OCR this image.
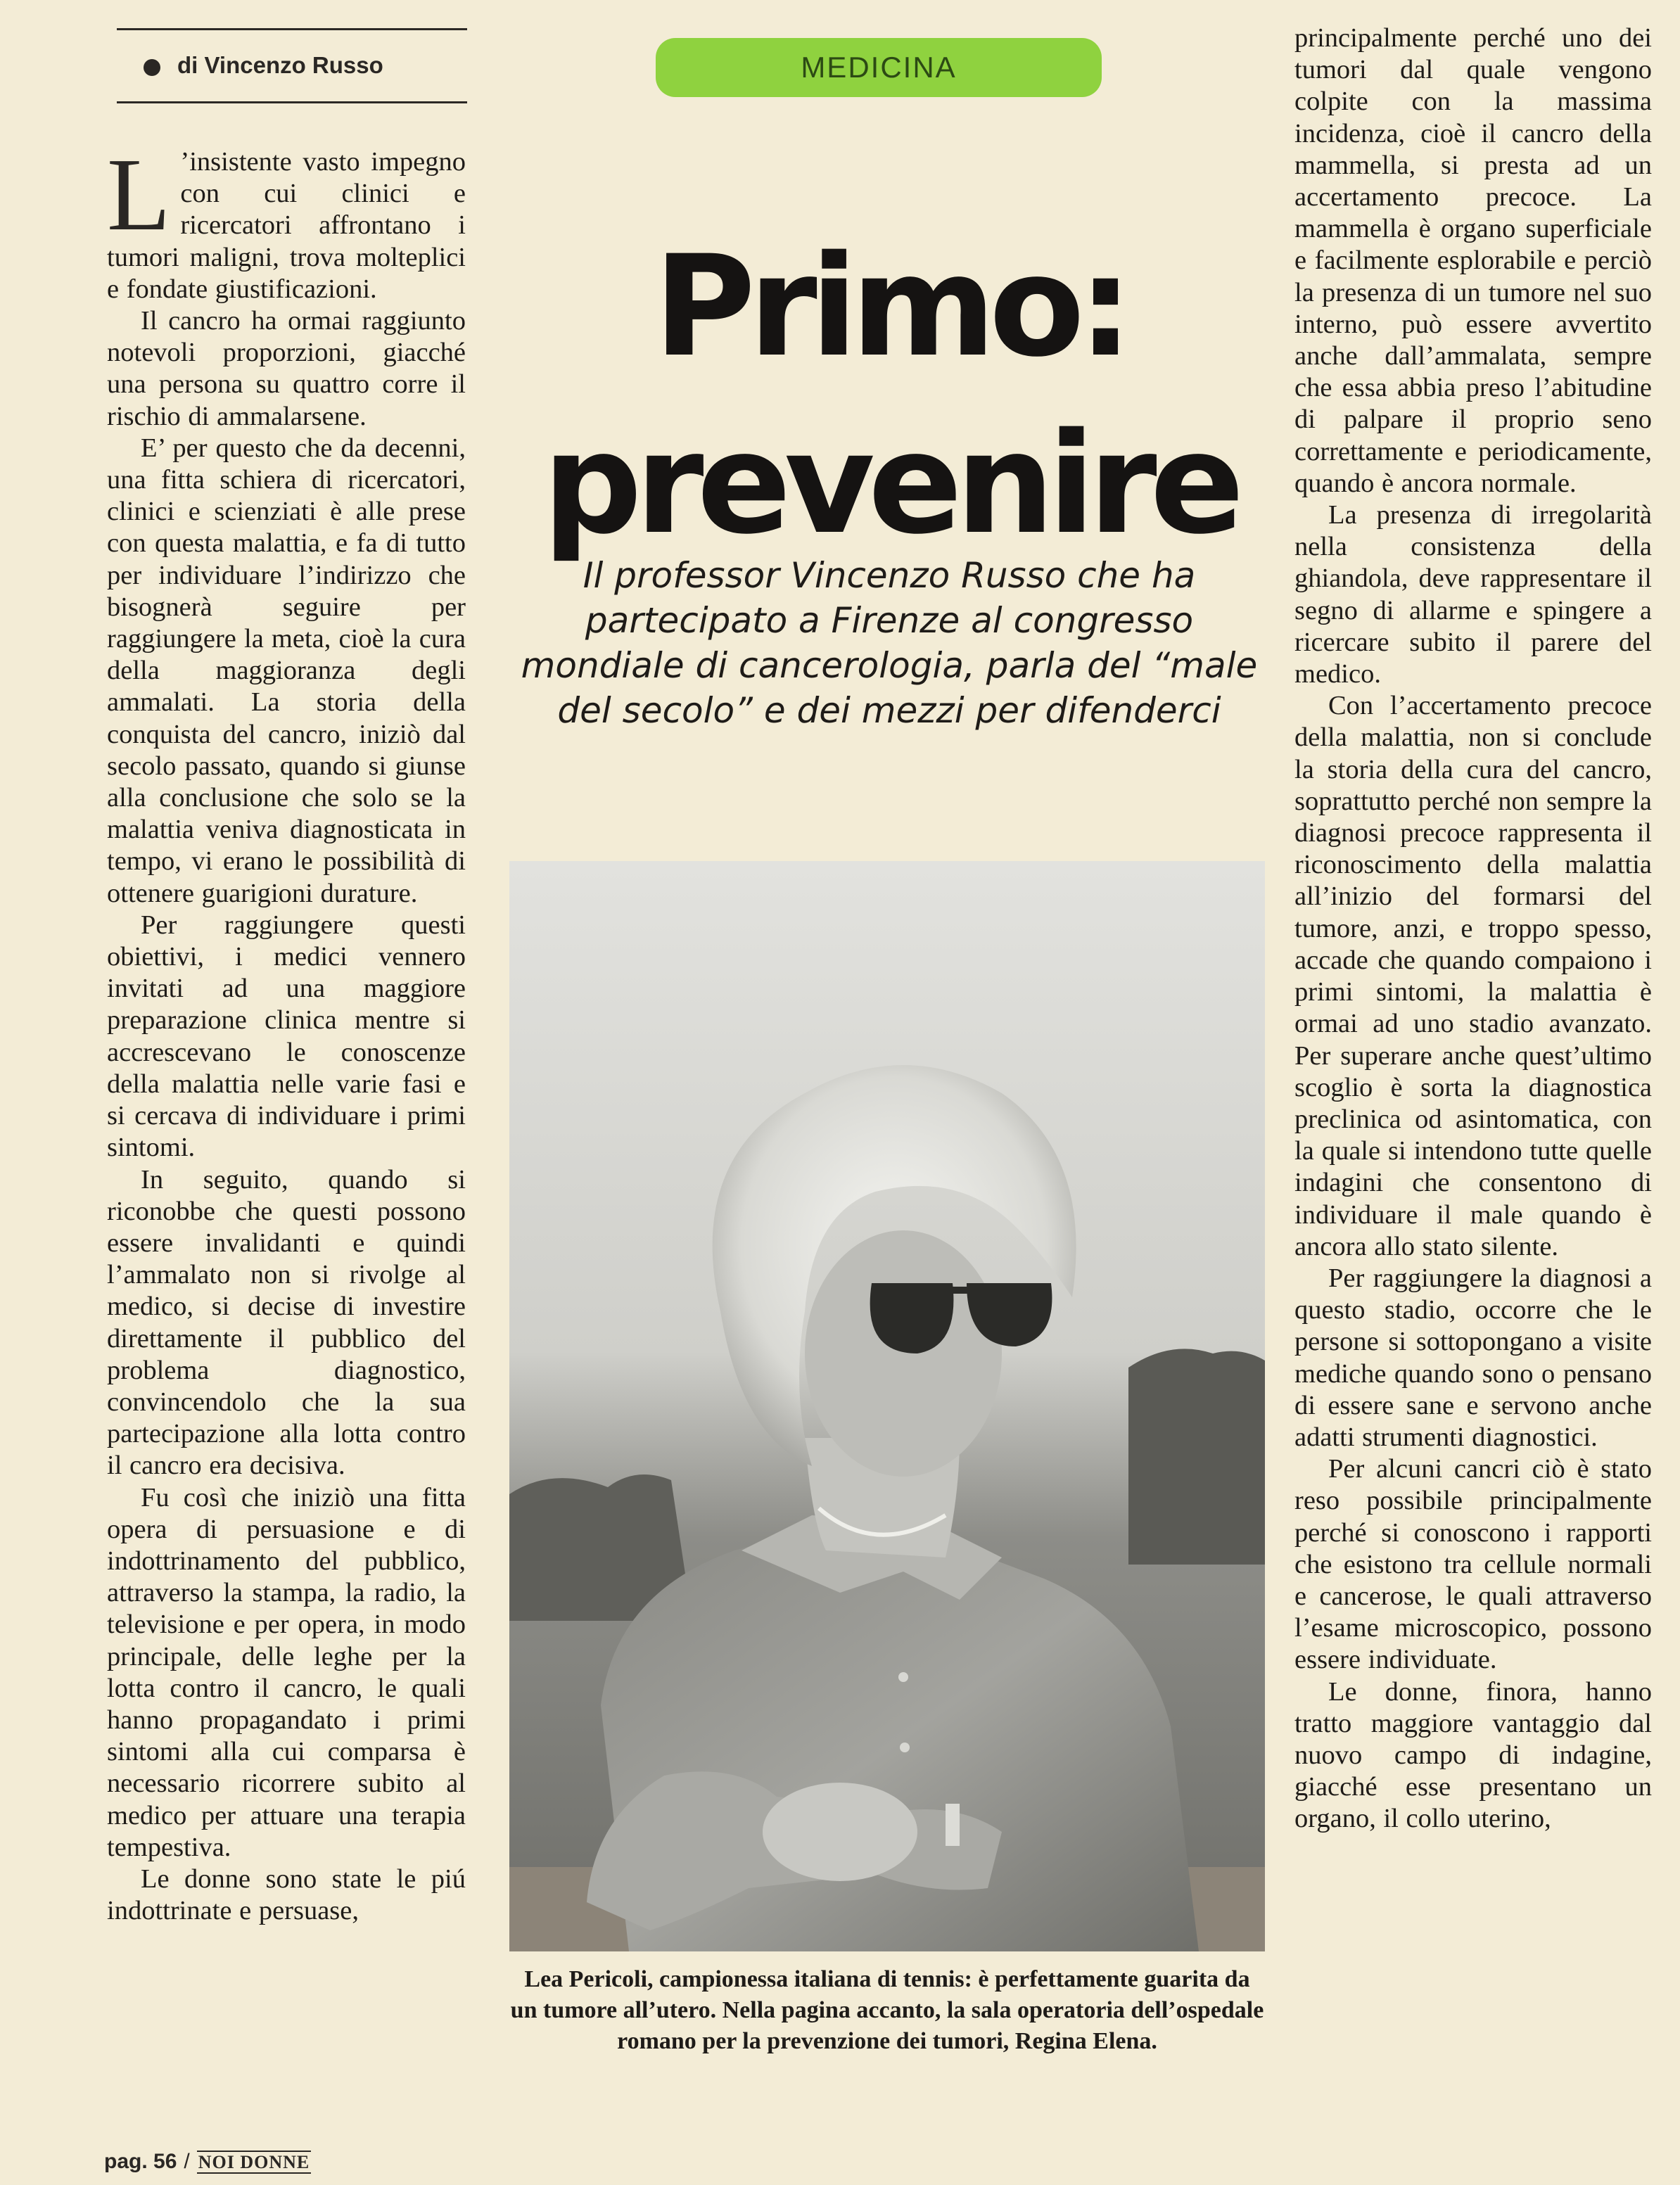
di Vincenzo Russo	MEDICINA
Primo:
prevenire
Il professor Vincenzo Russo che ha partecipato a Firenze al congresso mondiale di cancerologia, parla del “male del secolo” e dei mezzi per difenderci

L ’insistente vasto impegno con cui clinici e ricercatori affrontano i tumori maligni, trova molteplici e fondate giustificazioni.

Il cancro ha ormai raggiunto notevoli proporzioni, giacché una persona su quattro corre il rischio di ammalarsene.

E’ per questo che da decenni, una fitta schiera di ricercatori, clinici e scienziati è alle prese con questa malattia, e fa di tutto per individuare l’indirizzo che bisognerà seguire per raggiungere la meta, cioè la cura della maggioranza degli ammalati. La storia della conquista del cancro, iniziò dal secolo passato, quando si giunse alla conclusione che solo se la malattia veniva diagnosticata in tempo, vi erano le possibilità di ottenere guarigioni durature.

Per raggiungere questi obiettivi, i medici vennero invitati ad una maggiore preparazione clinica mentre si accrescevano le conoscenze della malattia nelle varie fasi e si cercava di individuare i primi sintomi.

In seguito, quando si riconobbe che questi possono essere invalidanti e quindi l’ammalato non si rivolge al medico, si decise di investire direttamente il pubblico del problema diagnostico, convincendolo che la sua partecipazione alla lotta contro il cancro era decisiva.

Fu così che iniziò una fitta opera di persuasione e di indottrinamento del pubblico, attraverso la stampa, la radio, la televisione e per opera, in modo principale, delle leghe per la lotta contro il cancro, le quali hanno propagandato i primi sintomi alla cui comparsa è necessario ricorrere subito al medico per attuare una terapia tempestiva.

Le donne sono state le piú indottrinate e persuase,

principalmente perché uno dei tumori dal quale vengono colpite con la massima incidenza, cioè il cancro della mammella, si presta ad un accertamento precoce. La mammella è organo superficiale e facilmente esplorabile e perciò la presenza di un tumore nel suo interno, può essere avvertito anche dall’ammalata, sempre che essa abbia preso l’abitudine di palpare il proprio seno correttamente e periodicamente, quando è ancora normale.

La presenza di irregolarità nella consistenza della ghiandola, deve rappresentare il segno di allarme e spingere a ricercare subito il parere del medico.

Con l’accertamento precoce della malattia, non si conclude la storia della cura del cancro, soprattutto perché non sempre la diagnosi precoce rappresenta il riconoscimento della malattia all’inizio del formarsi del tumore, anzi, e troppo spesso, accade che quando compaiono i primi sintomi, la malattia è ormai ad uno stadio avanzato. Per superare anche quest’ultimo scoglio è sorta la diagnostica preclinica od asintomatica, con la quale si intendono tutte quelle indagini che consentono di individuare il male quando è ancora allo stato silente.

Per raggiungere la diagnosi a questo stadio, occorre che le persone si sottopongano a visite mediche quando sono o pensano di essere sane e servono anche adatti strumenti diagnostici.

Per alcuni cancri ciò è stato reso possibile principalmente perché si conoscono i rapporti che esistono tra cellule normali e cancerose, le quali attraverso l’esame microscopico, possono essere individuate.

Le donne, finora, hanno tratto maggiore vantaggio dal nuovo campo di indagine, giacché esse presentano un organo, il collo uterino,

Lea Pericoli, campionessa italiana di tennis: è perfettamente guarita da un tumore all’utero. Nella pagina accanto, la sala operatoria dell’ospedale romano per la prevenzione dei tumori, Regina Elena.
pag. 56 / NOI DONNE
